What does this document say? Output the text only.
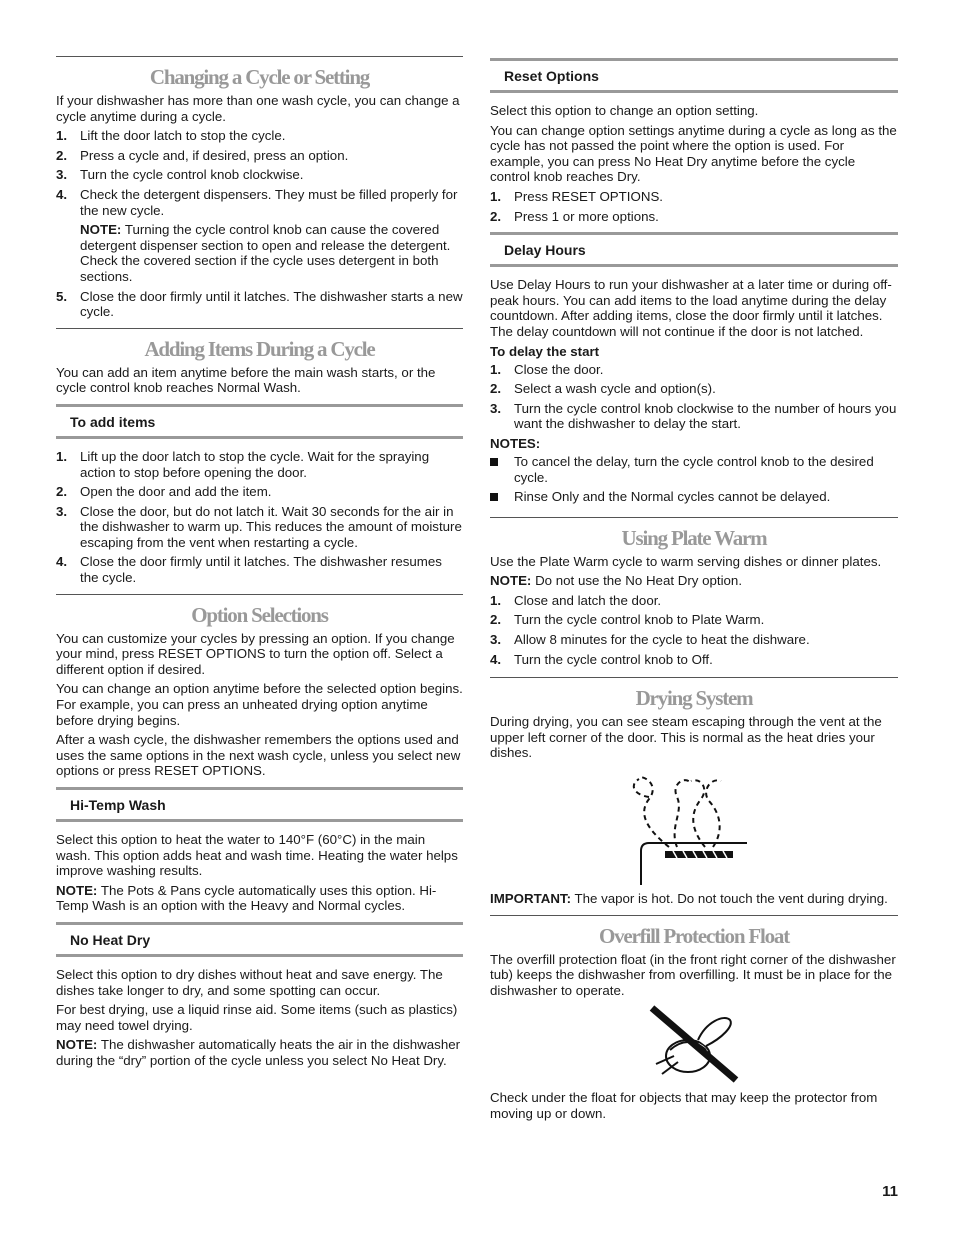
Changing a Cycle or Setting

If your dishwasher has more than one wash cycle, you can change a cycle anytime during a cycle.

1. Lift the door latch to stop the cycle.
2. Press a cycle and, if desired, press an option.
3. Turn the cycle control knob clockwise.
4. Check the detergent dispensers. They must be filled properly for the new cycle.
NOTE: Turning the cycle control knob can cause the covered detergent dispenser section to open and release the detergent. Check the covered section if the cycle uses detergent in both sections.
5. Close the door firmly until it latches. The dishwasher starts a new cycle.
Adding Items During a Cycle

You can add an item anytime before the main wash starts, or the cycle control knob reaches Normal Wash.

To add items
1. Lift up the door latch to stop the cycle. Wait for the spraying action to stop before opening the door.
2. Open the door and add the item.
3. Close the door, but do not latch it. Wait 30 seconds for the air in the dishwasher to warm up. This reduces the amount of moisture escaping from the vent when restarting a cycle.
4. Close the door firmly until it latches. The dishwasher resumes the cycle.
Option Selections

You can customize your cycles by pressing an option. If you change your mind, press RESET OPTIONS to turn the option off. Select a different option if desired.

You can change an option anytime before the selected option begins. For example, you can press an unheated drying option anytime before drying begins.

After a wash cycle, the dishwasher remembers the options used and uses the same options in the next wash cycle, unless you select new options or press RESET OPTIONS.

Hi-Temp Wash

Select this option to heat the water to 140°F (60°C) in the main wash. This option adds heat and wash time. Heating the water helps improve washing results.

NOTE: The Pots & Pans cycle automatically uses this option. Hi-Temp Wash is an option with the Heavy and Normal cycles.

No Heat Dry

Select this option to dry dishes without heat and save energy. The dishes take longer to dry, and some spotting can occur.

For best drying, use a liquid rinse aid. Some items (such as plastics) may need towel drying.

NOTE: The dishwasher automatically heats the air in the dishwasher during the “dry” portion of the cycle unless you select No Heat Dry.

Reset Options

Select this option to change an option setting.

You can change option settings anytime during a cycle as long as the cycle has not passed the point where the option is used. For example, you can press No Heat Dry anytime before the cycle control knob reaches Dry.

1. Press RESET OPTIONS.
2. Press 1 or more options.
Delay Hours

Use Delay Hours to run your dishwasher at a later time or during off-peak hours. You can add items to the load anytime during the delay countdown. After adding items, close the door firmly until it latches. The delay countdown will not continue if the door is not latched.

To delay the start
1. Close the door.
2. Select a wash cycle and option(s).
3. Turn the cycle control knob clockwise to the number of hours you want the dishwasher to delay the start.
NOTES:
To cancel the delay, turn the cycle control knob to the desired cycle.
Rinse Only and the Normal cycles cannot be delayed.
Using Plate Warm

Use the Plate Warm cycle to warm serving dishes or dinner plates.

NOTE: Do not use the No Heat Dry option.

1. Close and latch the door.
2. Turn the cycle control knob to Plate Warm.
3. Allow 8 minutes for the cycle to heat the dishware.
4. Turn the cycle control knob to Off.
Drying System

During drying, you can see steam escaping through the vent at the upper left corner of the door. This is normal as the heat dries your dishes.

IMPORTANT: The vapor is hot. Do not touch the vent during drying.

Overfill Protection Float

The overfill protection float (in the front right corner of the dishwasher tub) keeps the dishwasher from overfilling. It must be in place for the dishwasher to operate.

Check under the float for objects that may keep the protector from moving up or down.

11
